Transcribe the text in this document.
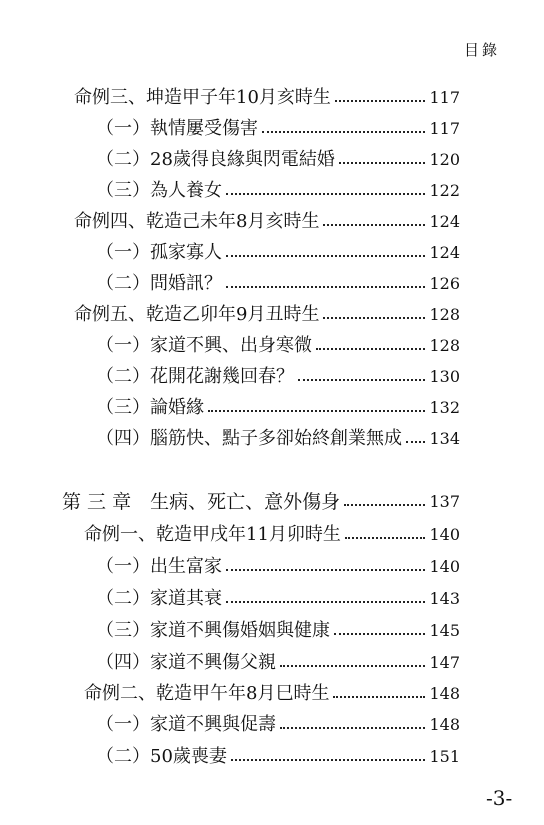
目錄
命例三、坤造甲子年10月亥時生	117
（一）執情屢受傷害	117
（二）28歲得良緣與閃電結婚	120
（三）為人養女	122
命例四、乾造己未年8月亥時生	124
（一）孤家寡人	124
（二）問婚訊？	126
命例五、乾造乙卯年9月丑時生	128
（一）家道不興、出身寒微	128
（二）花開花謝幾回春？	130
（三）論婚緣	132
（四）腦筋快、點子多卻始終創業無成 134
第 三 章　生病、死亡、意外傷身	137
命例一、乾造甲戌年11月卯時生	140
（一）出生富家	140
（二）家道其衰	143
（三）家道不興傷婚姻與健康	145
（四）家道不興傷父親	147
命例二、乾造甲午年8月巳時生	148
（一）家道不興與促壽	148
（二）50歲喪妻	151
-3-
